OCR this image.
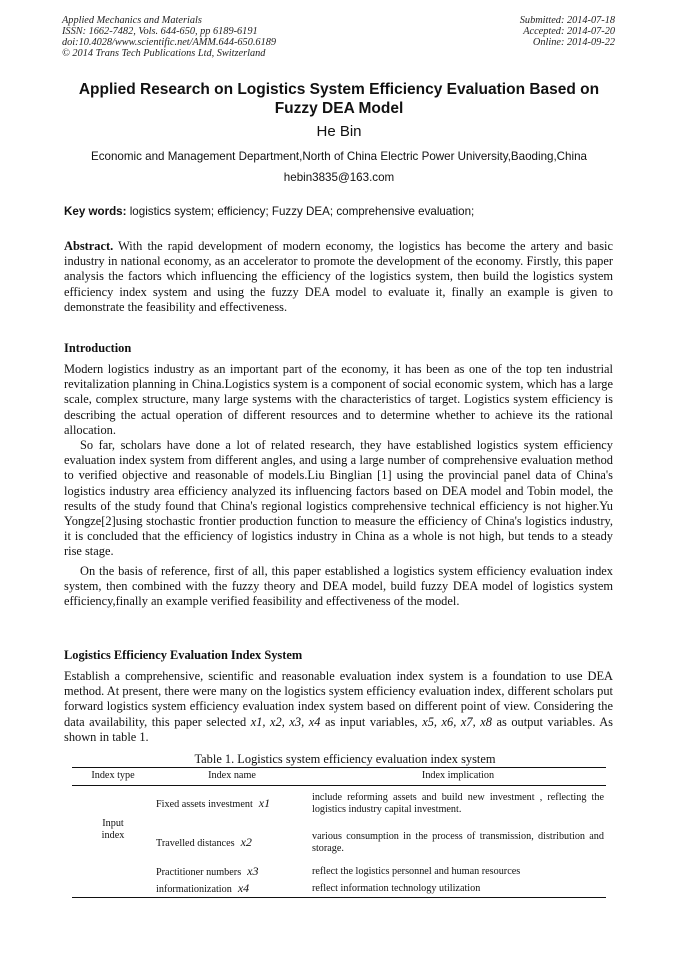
Applied Mechanics and Materials
ISSN: 1662-7482, Vols. 644-650, pp 6189-6191
doi:10.4028/www.scientific.net/AMM.644-650.6189
© 2014 Trans Tech Publications Ltd, Switzerland
Submitted: 2014-07-18
Accepted: 2014-07-20
Online: 2014-09-22
Applied Research on Logistics System Efficiency Evaluation Based on
Fuzzy DEA Model
He Bin
Economic and Management Department,North of China Electric Power University,Baoding,China
hebin3835@163.com
Key words: logistics system; efficiency; Fuzzy DEA; comprehensive evaluation;
Abstract. With the rapid development of modern economy, the logistics has become the artery and basic industry in national economy, as an accelerator to promote the development of the economy. Firstly, this paper analysis the factors which influencing the efficiency of the logistics system, then build the logistics system efficiency index system and using the fuzzy DEA model to evaluate it, finally an example is given to demonstrate the feasibility and effectiveness.
Introduction
Modern logistics industry as an important part of the economy, it has been as one of the top ten industrial revitalization planning in China.Logistics system is a component of social economic system, which has a large scale, complex structure, many large systems with the characteristics of target. Logistics system efficiency is describing the actual operation of different resources and to determine whether to achieve its the rational allocation.
So far, scholars have done a lot of related research, they have established logistics system efficiency evaluation index system from different angles, and using a large number of comprehensive evaluation method to verified objective and reasonable of models.Liu Binglian [1] using the provincial panel data of China's logistics industry area efficiency analyzed its influencing factors based on DEA model and Tobin model, the results of the study found that China's regional logistics comprehensive technical efficiency is not higher.Yu Yongze[2]using stochastic frontier production function to measure the efficiency of China's logistics industry, it is concluded that the efficiency of logistics industry in China as a whole is not high, but tends to a steady rise stage.
On the basis of reference, first of all, this paper established a logistics system efficiency evaluation index system, then combined with the fuzzy theory and DEA model, build fuzzy DEA model of logistics system efficiency,finally an example verified feasibility and effectiveness of the model.
Logistics Efficiency Evaluation Index System
Establish a comprehensive, scientific and reasonable evaluation index system is a foundation to use DEA method. At present, there were many on the logistics system efficiency evaluation index, different scholars put forward logistics system efficiency evaluation index system based on different point of view. Considering the data availability, this paper selected x1, x2, x3, x4 as input variables, x5, x6, x7, x8 as output variables. As shown in table 1.
Table 1. Logistics system efficiency evaluation index system
Index type	Index name	Index implication

Input
index	Fixed assets investment x1	include reforming assets and build new investment , reflecting the logistics industry capital investment.
	Travelled distances x2	various consumption in the process of transmission, distribution and storage.
	Practitioner numbers x3	reflect the logistics personnel and human resources
	informationization x4	reflect information technology utilization
